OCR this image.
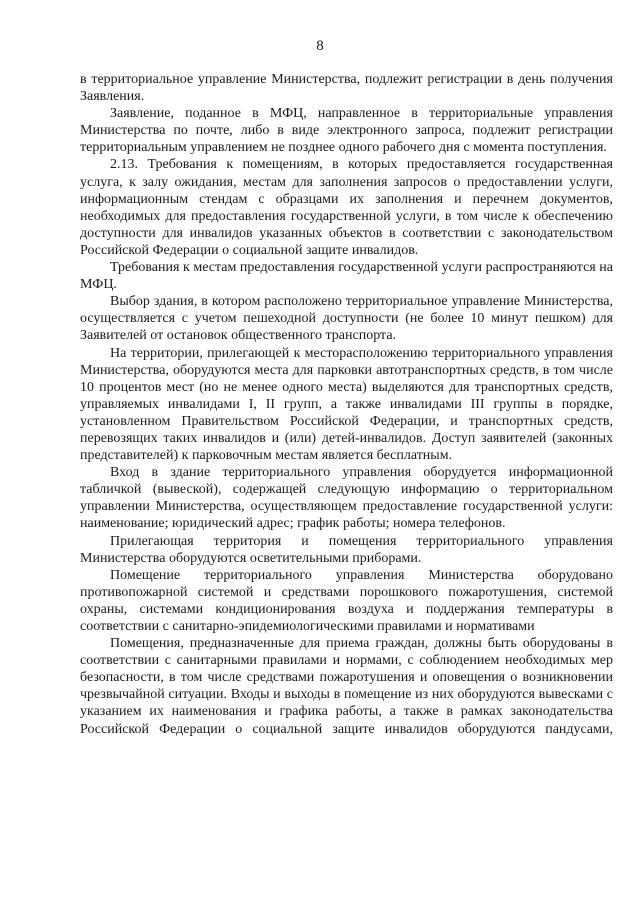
8

в территориальное управление Министерства, подлежит регистрации в день получения Заявления.

Заявление, поданное в МФЦ, направленное в территориальные управления Министерства по почте, либо в виде электронного запроса, подлежит регистрации территориальным управлением не позднее одного рабочего дня с момента поступления.

2.13. Требования к помещениям, в которых предоставляется государственная услуга, к залу ожидания, местам для заполнения запросов о предоставлении услуги, информационным стендам с образцами их заполнения и перечнем документов, необходимых для предоставления государственной услуги, в том числе к обеспечению доступности для инвалидов указанных объектов в соответствии с законодательством Российской Федерации о социальной защите инвалидов.

Требования к местам предоставления государственной услуги распространяются на МФЦ.

Выбор здания, в котором расположено территориальное управление Министерства, осуществляется с учетом пешеходной доступности (не более 10 минут пешком) для Заявителей от остановок общественного транспорта.

На территории, прилегающей к месторасположению территориального управления Министерства, оборудуются места для парковки автотранспортных средств, в том числе 10 процентов мест (но не менее одного места) выделяются для транспортных средств, управляемых инвалидами I, II групп, а также инвалидами III группы в порядке, установленном Правительством Российской Федерации, и транспортных средств, перевозящих таких инвалидов и (или) детей-инвалидов. Доступ заявителей (законных представителей) к парковочным местам является бесплатным.

Вход в здание территориального управления оборудуется информационной табличкой (вывеской), содержащей следующую информацию о территориальном управлении Министерства, осуществляющем предоставление государственной услуги: наименование; юридический адрес; график работы; номера телефонов.

Прилегающая территория и помещения территориального управления Министерства оборудуются осветительными приборами.

Помещение территориального управления Министерства оборудовано противопожарной системой и средствами порошкового пожаротушения, системой охраны, системами кондиционирования воздуха и поддержания температуры в соответствии с санитарно-эпидемиологическими правилами и нормативами

Помещения, предназначенные для приема граждан, должны быть оборудованы в соответствии с санитарными правилами и нормами, с соблюдением необходимых мер безопасности, в том числе средствами пожаротушения и оповещения о возникновении чрезвычайной ситуации. Входы и выходы в помещение из них оборудуются вывесками с указанием их наименования и графика работы, а также в рамках законодательства Российской Федерации о социальной защите инвалидов оборудуются пандусами,
